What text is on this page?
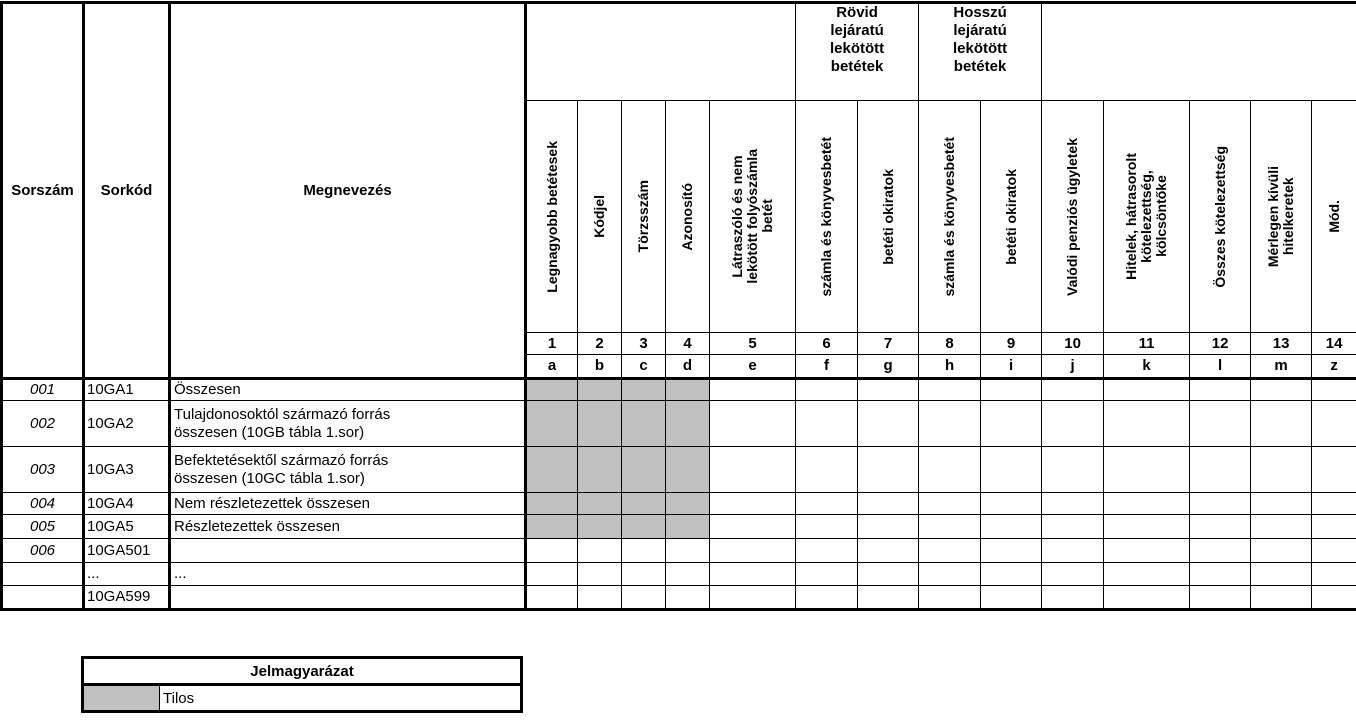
Sorszám	Sorkód	Megnevezés						Rövid
lejáratú
lekötött
betétek		Hosszú
lejáratú
lekötött
betétek						

			Legnagyobb betétesek	Kódjel	Törzsszám	Azonosító	Látraszóló és nem
lekötött folyószámla
betét	számla és könyvesbetét	betéti okiratok	számla és könyvesbetét	betéti okiratok	Valódi penziós ügyletek	Hitelek, hátrasorolt
kötelezettség,
kölcsöntőke	Összes kötelezettség	Mérlegen kívüli
hitelkeretek	Mód.

			1	2	3	4	5	6	7	8	9	10	11	12	13	14
			a	b	c	d	e	f	g	h	i	j	k	l	m	z
001	10GA1	Összesen														
002	10GA2	Tulajdonosoktól származó forrás
összesen (10GB tábla 1.sor)														
003	10GA3	Befektetésektől származó forrás
összesen (10GC tábla 1.sor)														
004	10GA4	Nem részletezettek összesen														
005	10GA5	Részletezettek összesen														
006	10GA501															
	...	...														
	10GA599															
Jelmagyarázat
	Tilos
